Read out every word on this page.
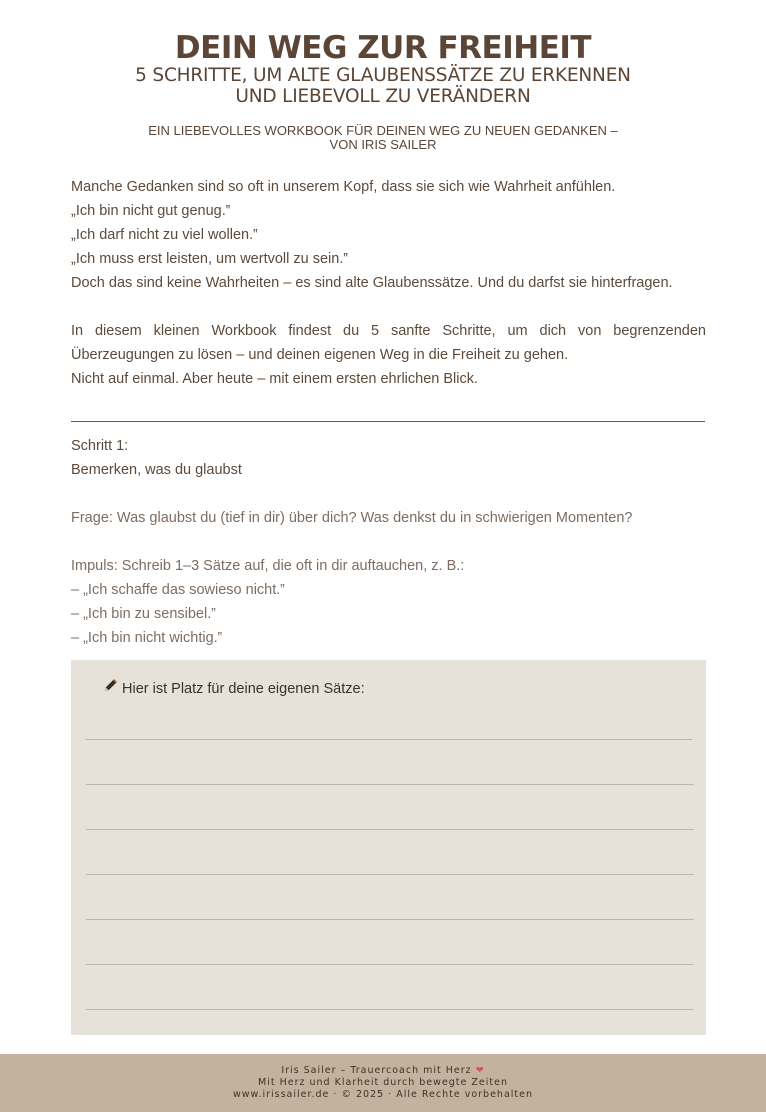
DEIN WEG ZUR FREIHEIT
5 SCHRITTE, UM ALTE GLAUBENSSÄTZE ZU ERKENNEN
UND LIEBEVOLL ZU VERÄNDERN
EIN LIEBEVOLLES WORKBOOK FÜR DEINEN WEG ZU NEUEN GEDANKEN –
VON IRIS SAILER
Manche Gedanken sind so oft in unserem Kopf, dass sie sich wie Wahrheit anfühlen.
„Ich bin nicht gut genug.‟
„Ich darf nicht zu viel wollen.‟
„Ich muss erst leisten, um wertvoll zu sein.‟
Doch das sind keine Wahrheiten – es sind alte Glaubenssätze. Und du darfst sie hinterfragen.
In diesem kleinen Workbook findest du 5 sanfte Schritte, um dich von begrenzenden Überzeugungen zu lösen – und deinen eigenen Weg in die Freiheit zu gehen.
Nicht auf einmal. Aber heute – mit einem ersten ehrlichen Blick.
Schritt 1:
Bemerken, was du glaubst
Frage: Was glaubst du (tief in dir) über dich? Was denkst du in schwierigen Momenten?
Impuls: Schreib 1–3 Sätze auf, die oft in dir auftauchen, z. B.:
– „Ich schaffe das sowieso nicht.‟
– „Ich bin zu sensibel.‟
– „Ich bin nicht wichtig.‟
Hier ist Platz für deine eigenen Sätze:
Iris Sailer – Trauercoach mit Herz ❤
Mit Herz und Klarheit durch bewegte Zeiten
www.irissailer.de · © 2025 · Alle Rechte vorbehalten
